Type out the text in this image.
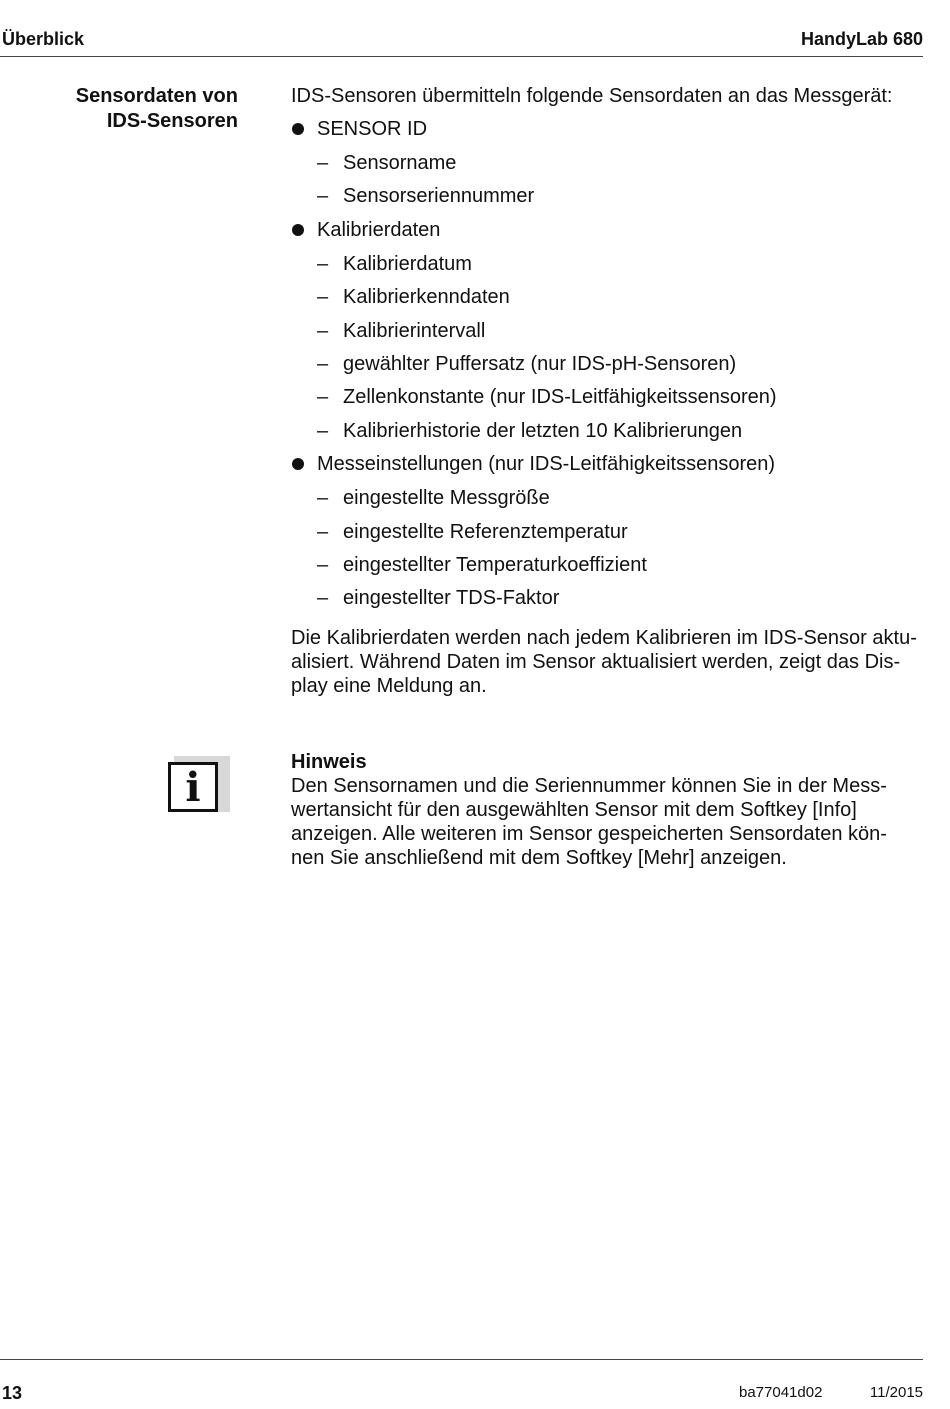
Überblick	HandyLab 680
Sensordaten von
IDS-Sensoren

IDS-Sensoren übermitteln folgende Sensordaten an das Messgerät:

SENSOR ID
– Sensorname
– Sensorseriennummer
Kalibrierdaten
– Kalibrierdatum
– Kalibrierkenndaten
– Kalibrierintervall
– gewählter Puffersatz (nur IDS-pH-Sensoren)
– Zellenkonstante (nur IDS-Leitfähigkeitssensoren)
– Kalibrierhistorie der letzten 10 Kalibrierungen
Messeinstellungen (nur IDS-Leitfähigkeitssensoren)
– eingestellte Messgröße
– eingestellte Referenztemperatur
– eingestellter Temperaturkoeffizient
– eingestellter TDS-Faktor
Die Kalibrierdaten werden nach jedem Kalibrieren im IDS-Sensor aktu-
alisiert. Während Daten im Sensor aktualisiert werden, zeigt das Dis-
play eine Meldung an.
i
Hinweis
Den Sensornamen und die Seriennummer können Sie in der Mess-
wertansicht für den ausgewählten Sensor mit dem Softkey [Info]
anzeigen. Alle weiteren im Sensor gespeicherten Sensordaten kön-
nen Sie anschließend mit dem Softkey [Mehr] anzeigen.
13	ba77041d02	11/2015
